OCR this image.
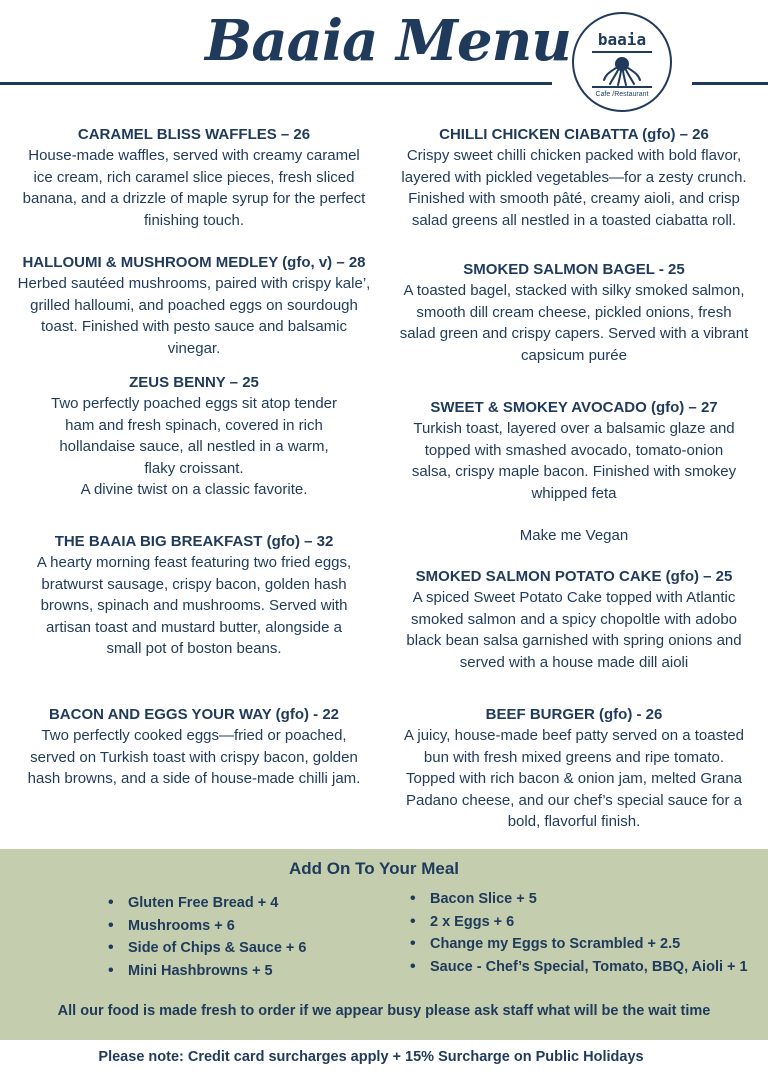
Baaia Menu	baaia
Cafe /Restaurant
CARAMEL BLISS WAFFLES – 26
House-made waffles, served with creamy caramel
ice cream, rich caramel slice pieces, fresh sliced
banana, and a drizzle of maple syrup for the perfect
finishing touch.
HALLOUMI & MUSHROOM MEDLEY (gfo, v) – 28
Herbed sautéed mushrooms, paired with crispy kale’,
grilled halloumi, and poached eggs on sourdough
toast. Finished with pesto sauce and balsamic
vinegar.
ZEUS BENNY – 25
Two perfectly poached eggs sit atop tender
ham and fresh spinach, covered in rich
hollandaise sauce, all nestled in a warm,
flaky croissant.
A divine twist on a classic favorite.
THE BAAIA BIG BREAKFAST (gfo) – 32
A hearty morning feast featuring two fried eggs,
bratwurst sausage, crispy bacon, golden hash
browns, spinach and mushrooms. Served with
artisan toast and mustard butter, alongside a
small pot of boston beans.
BACON AND EGGS YOUR WAY (gfo) - 22
Two perfectly cooked eggs—fried or poached,
served on Turkish toast with crispy bacon, golden
hash browns, and a side of house-made chilli jam.
CHILLI CHICKEN CIABATTA (gfo) – 26
Crispy sweet chilli chicken packed with bold flavor,
layered with pickled vegetables—for a zesty crunch.
Finished with smooth pâté, creamy aioli, and crisp
salad greens all nestled in a toasted ciabatta roll.
SMOKED SALMON BAGEL - 25
A toasted bagel, stacked with silky smoked salmon,
smooth dill cream cheese, pickled onions, fresh
salad green and crispy capers. Served with a vibrant
capsicum purée
SWEET & SMOKEY AVOCADO (gfo) – 27
Turkish toast, layered over a balsamic glaze and
topped with smashed avocado, tomato-onion
salsa, crispy maple bacon. Finished with smokey
whipped feta
Make me Vegan
SMOKED SALMON POTATO CAKE (gfo) – 25
A spiced Sweet Potato Cake topped with Atlantic
smoked salmon and a spicy chopoltle with adobo
black bean salsa garnished with spring onions and
served with a house made dill aioli
BEEF BURGER (gfo) - 26
A juicy, house-made beef patty served on a toasted
bun with fresh mixed greens and ripe tomato.
Topped with rich bacon & onion jam, melted Grana
Padano cheese, and our chef’s special sauce for a
bold, flavorful finish.
Add On To Your Meal
• Gluten Free Bread + 4
• Mushrooms + 6
• Side of Chips & Sauce + 6
• Mini Hashbrowns + 5
• Bacon Slice + 5
• 2 x Eggs + 6
• Change my Eggs to Scrambled + 2.5
• Sauce - Chef’s Special, Tomato, BBQ, Aioli + 1
All our food is made fresh to order if we appear busy please ask staff what will be the wait time
Please note: Credit card surcharges apply + 15% Surcharge on Public Holidays
